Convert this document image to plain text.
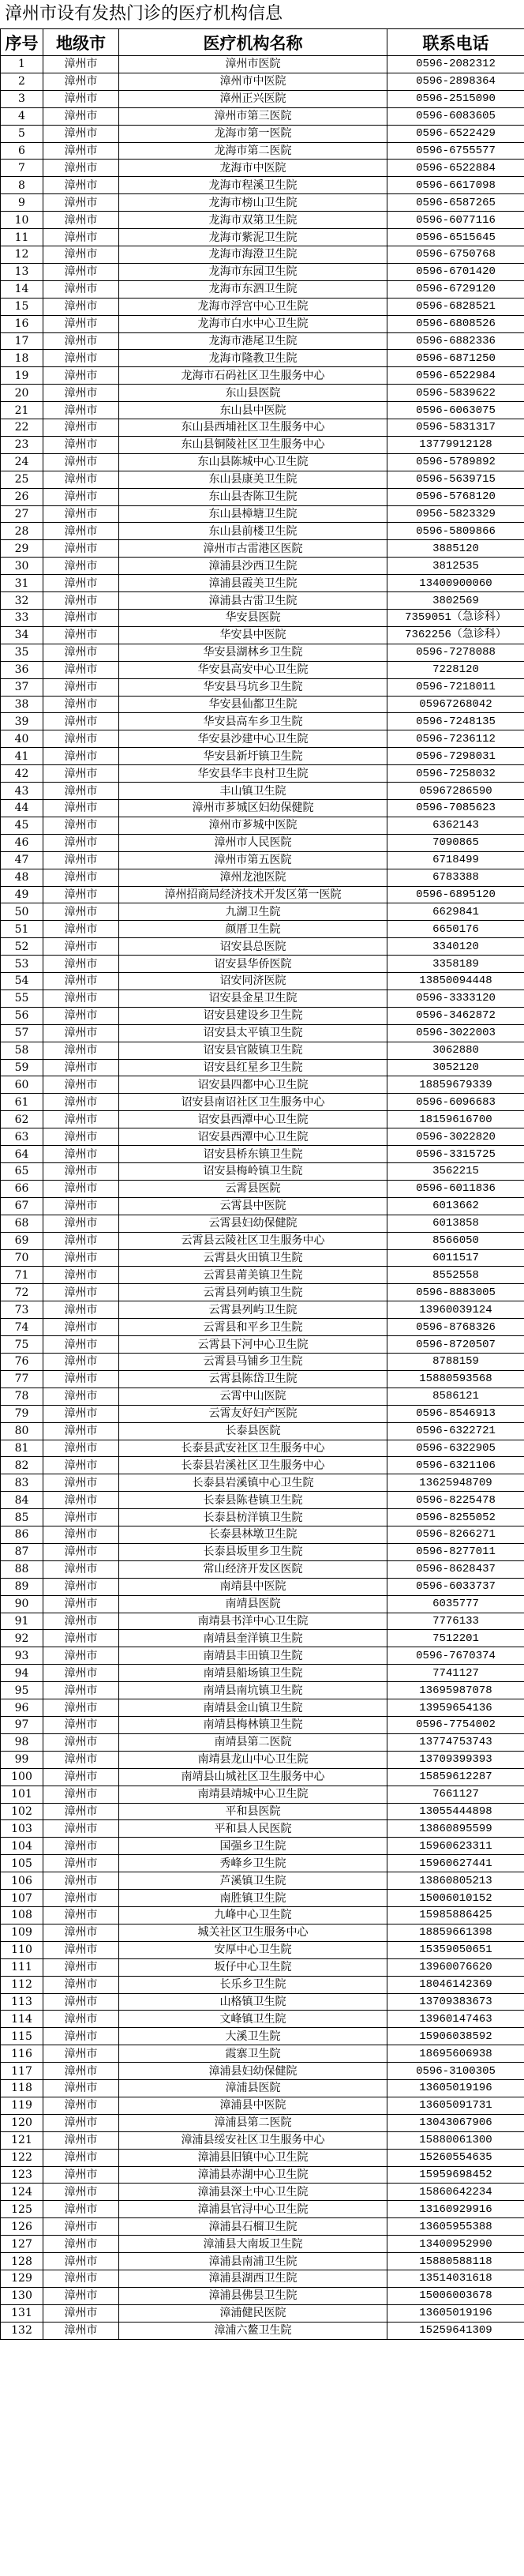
漳州市设有发热门诊的医疗机构信息
序号	地级市	医疗机构名称	联系电话
1	漳州市	漳州市医院	0596-2082312
2	漳州市	漳州市中医院	0596-2898364
3	漳州市	漳州正兴医院	0596-2515090
4	漳州市	漳州市第三医院	0596-6083605
5	漳州市	龙海市第一医院	0596-6522429
6	漳州市	龙海市第二医院	0596-6755577
7	漳州市	龙海市中医院	0596-6522884
8	漳州市	龙海市程溪卫生院	0596-6617098
9	漳州市	龙海市榜山卫生院	0596-6587265
10	漳州市	龙海市双第卫生院	0596-6077116
11	漳州市	龙海市紫泥卫生院	0596-6515645
12	漳州市	龙海市海澄卫生院	0596-6750768
13	漳州市	龙海市东园卫生院	0596-6701420
14	漳州市	龙海市东泗卫生院	0596-6729120
15	漳州市	龙海市浮宫中心卫生院	0596-6828521
16	漳州市	龙海市白水中心卫生院	0596-6808526
17	漳州市	龙海市港尾卫生院	0596-6882336
18	漳州市	龙海市隆教卫生院	0596-6871250
19	漳州市	龙海市石码社区卫生服务中心	0596-6522984
20	漳州市	东山县医院	0596-5839622
21	漳州市	东山县中医院	0596-6063075
22	漳州市	东山县西埔社区卫生服务中心	0596-5831317
23	漳州市	东山县铜陵社区卫生服务中心	13779912128
24	漳州市	东山县陈城中心卫生院	0596-5789892
25	漳州市	东山县康美卫生院	0596-5639715
26	漳州市	东山县杏陈卫生院	0596-5768120
27	漳州市	东山县樟塘卫生院	0956-5823329
28	漳州市	东山县前楼卫生院	0596-5809866
29	漳州市	漳州市古雷港区医院	3885120
30	漳州市	漳浦县沙西卫生院	3812535
31	漳州市	漳浦县霞美卫生院	13400900060
32	漳州市	漳浦县古雷卫生院	3802569
33	漳州市	华安县医院	7359051（急诊科）
34	漳州市	华安县中医院	7362256（急诊科）
35	漳州市	华安县湖林乡卫生院	0596-7278088
36	漳州市	华安县高安中心卫生院	7228120
37	漳州市	华安县马坑乡卫生院	0596-7218011
38	漳州市	华安县仙都卫生院	05967268042
39	漳州市	华安县高车乡卫生院	0596-7248135
40	漳州市	华安县沙建中心卫生院	0596-7236112
41	漳州市	华安县新圩镇卫生院	0596-7298031
42	漳州市	华安县华丰良村卫生院	0596-7258032
43	漳州市	丰山镇卫生院	05967286590
44	漳州市	漳州市芗城区妇幼保健院	0596-7085623
45	漳州市	漳州市芗城中医院	6362143
46	漳州市	漳州市人民医院	7090865
47	漳州市	漳州市第五医院	6718499
48	漳州市	漳州龙池医院	6783388
49	漳州市	漳州招商局经济技术开发区第一医院	0596-6895120
50	漳州市	九湖卫生院	6629841
51	漳州市	颜厝卫生院	6650176
52	漳州市	诏安县总医院	3340120
53	漳州市	诏安县华侨医院	3358189
54	漳州市	诏安同济医院	13850094448
55	漳州市	诏安县金星卫生院	0596-3333120
56	漳州市	诏安县建设乡卫生院	0596-3462872
57	漳州市	诏安县太平镇卫生院	0596-3022003
58	漳州市	诏安县官陂镇卫生院	3062880
59	漳州市	诏安县红星乡卫生院	3052120
60	漳州市	诏安县四都中心卫生院	18859679339
61	漳州市	诏安县南诏社区卫生服务中心	0596-6096683
62	漳州市	诏安县西潭中心卫生院	18159616700
63	漳州市	诏安县西潭中心卫生院	0596-3022820
64	漳州市	诏安县桥东镇卫生院	0596-3315725
65	漳州市	诏安县梅岭镇卫生院	3562215
66	漳州市	云霄县医院	0596-6011836
67	漳州市	云霄县中医院	6013662
68	漳州市	云霄县妇幼保健院	6013858
69	漳州市	云霄县云陵社区卫生服务中心	8566050
70	漳州市	云霄县火田镇卫生院	6011517
71	漳州市	云霄县莆美镇卫生院	8552558
72	漳州市	云霄县列屿镇卫生院	0596-8883005
73	漳州市	云霄县列屿卫生院	13960039124
74	漳州市	云霄县和平乡卫生院	0596-8768326
75	漳州市	云霄县下河中心卫生院	0596-8720507
76	漳州市	云霄县马铺乡卫生院	8788159
77	漳州市	云霄县陈岱卫生院	15880593568
78	漳州市	云霄中山医院	8586121
79	漳州市	云霄友好妇产医院	0596-8546913
80	漳州市	长泰县医院	0596-6322721
81	漳州市	长泰县武安社区卫生服务中心	0596-6322905
82	漳州市	长泰县岩溪社区卫生服务中心	0596-6321106
83	漳州市	长泰县岩溪镇中心卫生院	13625948709
84	漳州市	长泰县陈巷镇卫生院	0596-8225478
85	漳州市	长泰县枋洋镇卫生院	0596-8255052
86	漳州市	长泰县林墩卫生院	0596-8266271
87	漳州市	长泰县坂里乡卫生院	0596-8277011
88	漳州市	常山经济开发区医院	0596-8628437
89	漳州市	南靖县中医院	0596-6033737
90	漳州市	南靖县医院	6035777
91	漳州市	南靖县书洋中心卫生院	7776133
92	漳州市	南靖县奎洋镇卫生院	7512201
93	漳州市	南靖县丰田镇卫生院	0596-7670374
94	漳州市	南靖县船场镇卫生院	7741127
95	漳州市	南靖县南坑镇卫生院	13695987078
96	漳州市	南靖县金山镇卫生院	13959654136
97	漳州市	南靖县梅林镇卫生院	0596-7754002
98	漳州市	南靖县第二医院	13774753743
99	漳州市	南靖县龙山中心卫生院	13709399393
100	漳州市	南靖县山城社区卫生服务中心	15859612287
101	漳州市	南靖县靖城中心卫生院	7661127
102	漳州市	平和县医院	13055444898
103	漳州市	平和县人民医院	13860895599
104	漳州市	国强乡卫生院	15960623311
105	漳州市	秀峰乡卫生院	15960627441
106	漳州市	芦溪镇卫生院	13860805213
107	漳州市	南胜镇卫生院	15006010152
108	漳州市	九峰中心卫生院	15985886425
109	漳州市	城关社区卫生服务中心	18859661398
110	漳州市	安厚中心卫生院	15359050651
111	漳州市	坂仔中心卫生院	13960076620
112	漳州市	长乐乡卫生院	18046142369
113	漳州市	山格镇卫生院	13709383673
114	漳州市	文峰镇卫生院	13960147463
115	漳州市	大溪卫生院	15906038592
116	漳州市	霞寨卫生院	18695606938
117	漳州市	漳浦县妇幼保健院	0596-3100305
118	漳州市	漳浦县医院	13605019196
119	漳州市	漳浦县中医院	13605091731
120	漳州市	漳浦县第二医院	13043067906
121	漳州市	漳浦县绥安社区卫生服务中心	15880061300
122	漳州市	漳浦县旧镇中心卫生院	15260554635
123	漳州市	漳浦县赤湖中心卫生院	15959698452
124	漳州市	漳浦县深土中心卫生院	15860642234
125	漳州市	漳浦县官浔中心卫生院	13160929916
126	漳州市	漳浦县石榴卫生院	13605955388
127	漳州市	漳浦县大南坂卫生院	13400952990
128	漳州市	漳浦县南浦卫生院	15880588118
129	漳州市	漳浦县湖西卫生院	13514031618
130	漳州市	漳浦县佛昙卫生院	15006003678
131	漳州市	漳浦健民医院	13605019196
132	漳州市	漳浦六鳌卫生院	15259641309
